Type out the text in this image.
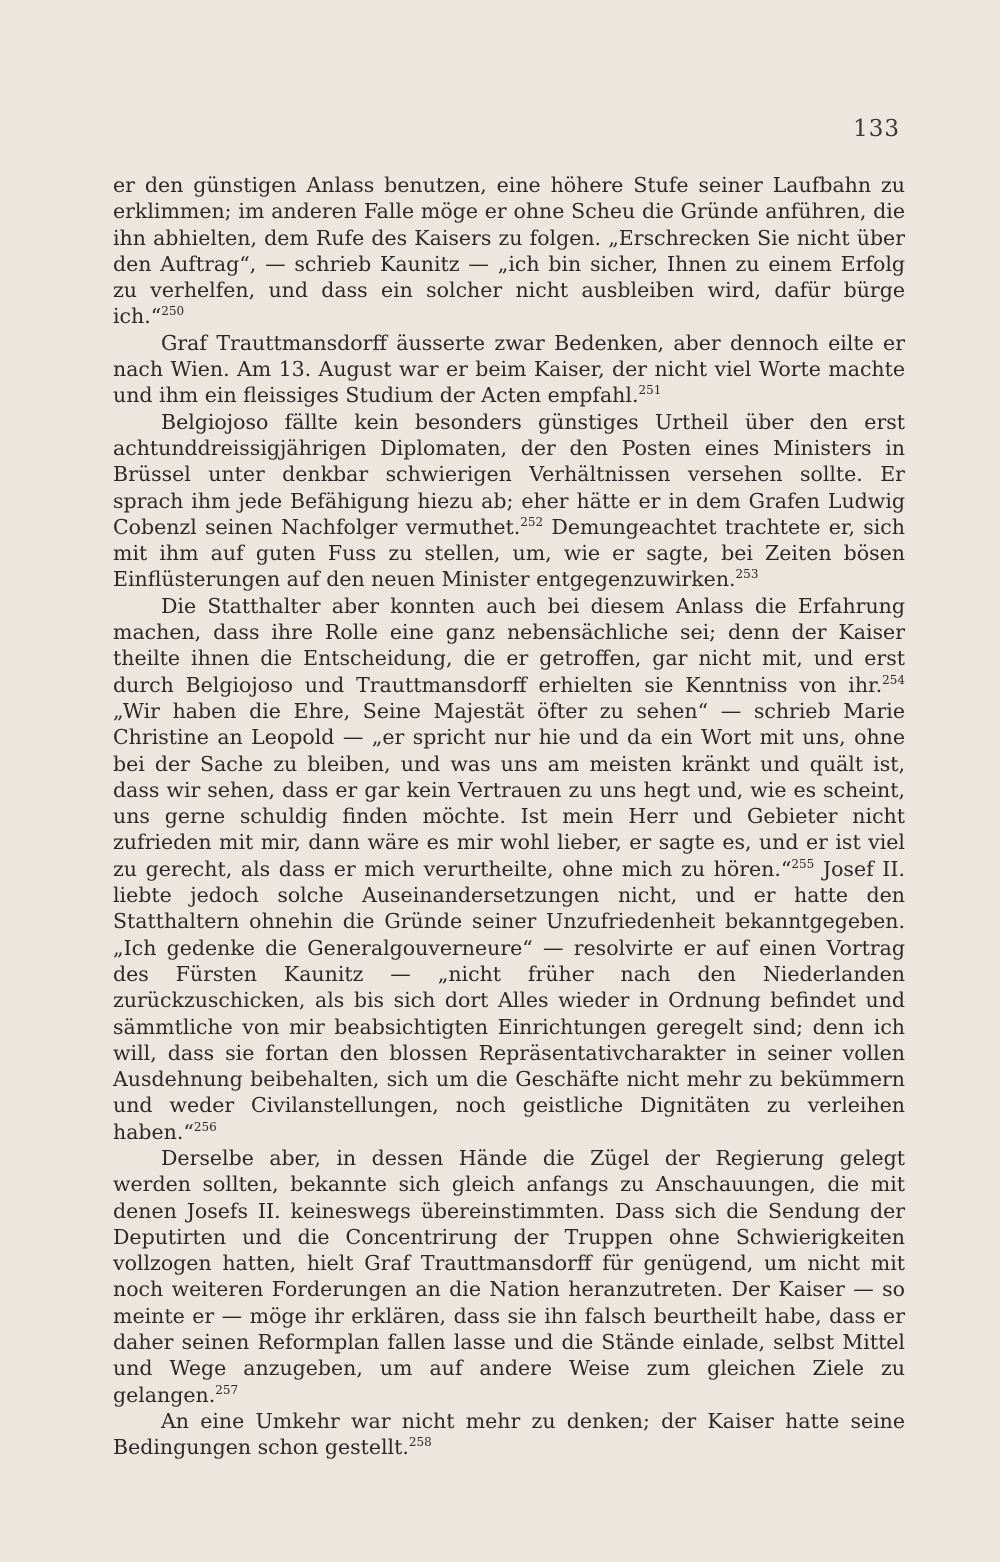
133

er den günstigen Anlass benutzen, eine höhere Stufe seiner Laufbahn zu erklimmen; im anderen Falle möge er ohne Scheu die Gründe anführen, die ihn abhielten, dem Rufe des Kaisers zu folgen. „Erschrecken Sie nicht über den Auftrag“, — schrieb Kaunitz — „ich bin sicher, Ihnen zu einem Erfolg zu verhelfen, und dass ein solcher nicht ausbleiben wird, dafür bürge ich.“$^{250}$

Graf Trauttmansdorff äusserte zwar Bedenken, aber dennoch eilte er nach Wien. Am 13. August war er beim Kaiser, der nicht viel Worte machte und ihm ein fleissiges Studium der Acten empfahl.$^{251}$

Belgiojoso fällte kein besonders günstiges Urtheil über den erst achtunddreissigjährigen Diplomaten, der den Posten eines Ministers in Brüssel unter denkbar schwierigen Verhältnissen versehen sollte. Er sprach ihm jede Befähigung hiezu ab; eher hätte er in dem Grafen Ludwig Cobenzl seinen Nachfolger vermuthet.$^{252}$ Demungeachtet trachtete er, sich mit ihm auf guten Fuss zu stellen, um, wie er sagte, bei Zeiten bösen Einflüsterungen auf den neuen Minister entgegenzuwirken.$^{253}$

Die Statthalter aber konnten auch bei diesem Anlass die Erfahrung machen, dass ihre Rolle eine ganz nebensächliche sei; denn der Kaiser theilte ihnen die Entscheidung, die er getroffen, gar nicht mit, und erst durch Belgiojoso und Trauttmansdorff erhielten sie Kenntniss von ihr.$^{254}$ „Wir haben die Ehre, Seine Majestät öfter zu sehen“ — schrieb Marie Christine an Leopold — „er spricht nur hie und da ein Wort mit uns, ohne bei der Sache zu bleiben, und was uns am meisten kränkt und quält ist, dass wir sehen, dass er gar kein Vertrauen zu uns hegt und, wie es scheint, uns gerne schuldig finden möchte. Ist mein Herr und Gebieter nicht zufrieden mit mir, dann wäre es mir wohl lieber, er sagte es, und er ist viel zu gerecht, als dass er mich verurtheilte, ohne mich zu hören.“$^{255}$ Josef II. liebte jedoch solche Auseinandersetzungen nicht, und er hatte den Statthaltern ohnehin die Gründe seiner Unzufriedenheit bekanntgegeben. „Ich gedenke die Generalgouverneure“ — resolvirte er auf einen Vortrag des Fürsten Kaunitz — „nicht früher nach den Niederlanden zurückzuschicken, als bis sich dort Alles wieder in Ordnung befindet und sämmtliche von mir beabsichtigten Einrichtungen geregelt sind; denn ich will, dass sie fortan den blossen Repräsentativcharakter in seiner vollen Ausdehnung beibehalten, sich um die Geschäfte nicht mehr zu bekümmern und weder Civilanstellungen, noch geistliche Dignitäten zu verleihen haben.“$^{256}$

Derselbe aber, in dessen Hände die Zügel der Regierung gelegt werden sollten, bekannte sich gleich anfangs zu Anschauungen, die mit denen Josefs II. keineswegs übereinstimmten. Dass sich die Sendung der Deputirten und die Concentrirung der Truppen ohne Schwierigkeiten vollzogen hatten, hielt Graf Trauttmansdorff für genügend, um nicht mit noch weiteren Forderungen an die Nation heranzutreten. Der Kaiser — so meinte er — möge ihr erklären, dass sie ihn falsch beurtheilt habe, dass er daher seinen Reformplan fallen lasse und die Stände einlade, selbst Mittel und Wege anzugeben, um auf andere Weise zum gleichen Ziele zu gelangen.$^{257}$

An eine Umkehr war nicht mehr zu denken; der Kaiser hatte seine Bedingungen schon gestellt.$^{258}$
